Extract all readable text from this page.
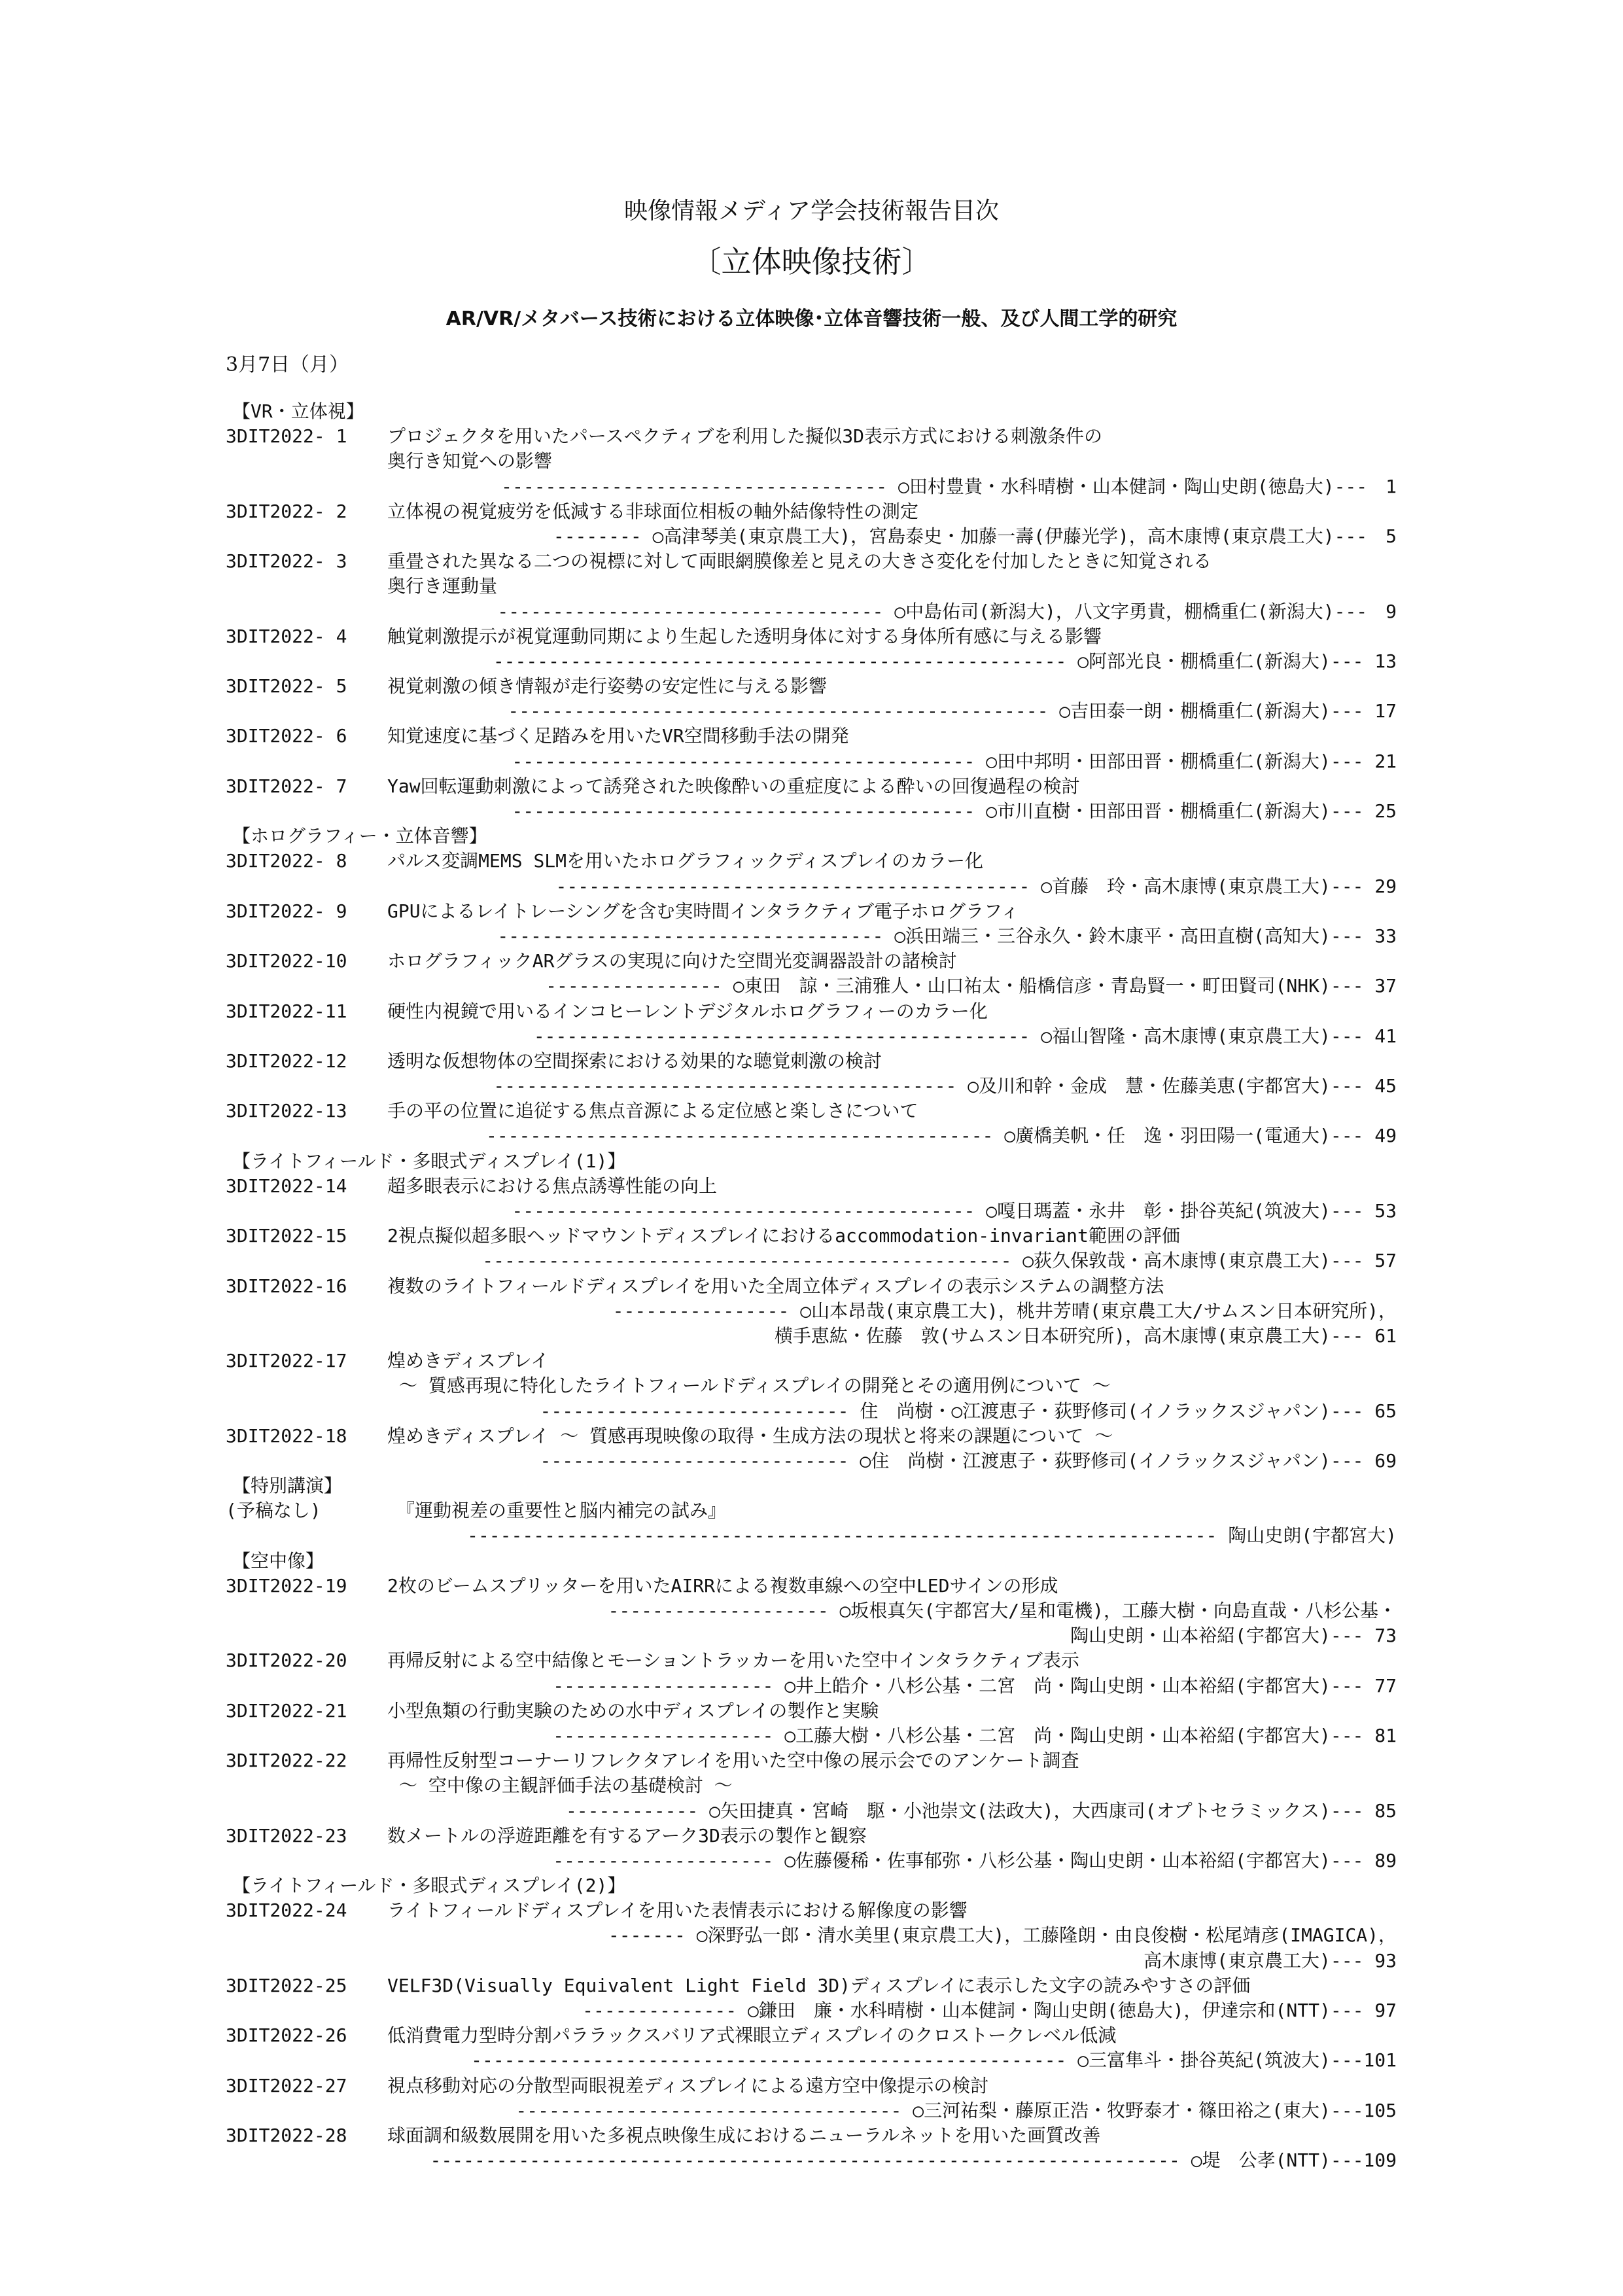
映像情報メディア学会技術報告目次
〔立体映像技術〕
AR/VR/メタバース技術における立体映像･立体音響技術一般、及び人間工学的研究
3月7日（月）
【VR・立体視】
3DIT2022- 1 プロジェクタを用いたパースペクティブを利用した擬似3D表示方式における刺激条件の
奥行き知覚への影響
----------------------------------- ○田村豊貴・水科晴樹・山本健詞・陶山史朗(徳島大)---　1
3DIT2022- 2 立体視の視覚疲労を低減する非球面位相板の軸外結像特性の測定
-------- ○高津琴美(東京農工大)，宮島泰史・加藤一壽(伊藤光学)，高木康博(東京農工大)---　5
3DIT2022- 3 重畳された異なる二つの視標に対して両眼網膜像差と見えの大きさ変化を付加したときに知覚される
奥行き運動量
----------------------------------- ○中島佑司(新潟大)，八文字勇貴，棚橋重仁(新潟大)---　9
3DIT2022- 4 触覚刺激提示が視覚運動同期により生起した透明身体に対する身体所有感に与える影響
---------------------------------------------------- ○阿部光良・棚橋重仁(新潟大)--- 13
3DIT2022- 5 視覚刺激の傾き情報が走行姿勢の安定性に与える影響
------------------------------------------------- ○吉田泰一朗・棚橋重仁(新潟大)--- 17
3DIT2022- 6 知覚速度に基づく足踏みを用いたVR空間移動手法の開発
------------------------------------------ ○田中邦明・田部田晋・棚橋重仁(新潟大)--- 21
3DIT2022- 7 Yaw回転運動刺激によって誘発された映像酔いの重症度による酔いの回復過程の検討
------------------------------------------ ○市川直樹・田部田晋・棚橋重仁(新潟大)--- 25
【ホログラフィー・立体音響】
3DIT2022- 8 パルス変調MEMS SLMを用いたホログラフィックディスプレイのカラー化
------------------------------------------- ○首藤　玲・高木康博(東京農工大)--- 29
3DIT2022- 9 GPUによるレイトレーシングを含む実時間インタラクティブ電子ホログラフィ
----------------------------------- ○浜田端三・三谷永久・鈴木康平・高田直樹(高知大)--- 33
3DIT2022-10 ホログラフィックARグラスの実現に向けた空間光変調器設計の諸検討
---------------- ○東田　諒・三浦雅人・山口祐太・船橋信彦・青島賢一・町田賢司(NHK)--- 37
3DIT2022-11 硬性内視鏡で用いるインコヒーレントデジタルホログラフィーのカラー化
--------------------------------------------- ○福山智隆・高木康博(東京農工大)--- 41
3DIT2022-12 透明な仮想物体の空間探索における効果的な聴覚刺激の検討
------------------------------------------ ○及川和幹・金成　慧・佐藤美恵(宇都宮大)--- 45
3DIT2022-13 手の平の位置に追従する焦点音源による定位感と楽しさについて
---------------------------------------------- ○廣橋美帆・任　逸・羽田陽一(電通大)--- 49
【ライトフィールド・多眼式ディスプレイ(1)】
3DIT2022-14 超多眼表示における焦点誘導性能の向上
------------------------------------------ ○嘎日瑪蓋・永井　彰・掛谷英紀(筑波大)--- 53
3DIT2022-15 2視点擬似超多眼ヘッドマウントディスプレイにおけるaccommodation-invariant範囲の評価
------------------------------------------------ ○荻久保敦哉・高木康博(東京農工大)--- 57
3DIT2022-16 複数のライトフィールドディスプレイを用いた全周立体ディスプレイの表示システムの調整方法
---------------- ○山本昂哉(東京農工大)，桃井芳晴(東京農工大/サムスン日本研究所)，
横手恵紘・佐藤　敦(サムスン日本研究所)，高木康博(東京農工大)--- 61
3DIT2022-17 煌めきディスプレイ
～ 質感再現に特化したライトフィールドディスプレイの開発とその適用例について ～
---------------------------- 住　尚樹・○江渡恵子・荻野修司(イノラックスジャパン)--- 65
3DIT2022-18 煌めきディスプレイ ～ 質感再現映像の取得・生成方法の現状と将来の課題について ～
---------------------------- ○住　尚樹・江渡恵子・荻野修司(イノラックスジャパン)--- 69
【特別講演】
(予稿なし)	　『運動視差の重要性と脳内補完の試み』
-------------------------------------------------------------------- 陶山史朗(宇都宮大)　 　
【空中像】
3DIT2022-19 2枚のビームスプリッターを用いたAIRRによる複数車線への空中LEDサインの形成
-------------------- ○坂根真矢(宇都宮大/星和電機)，工藤大樹・向島直哉・八杉公基・
陶山史朗・山本裕紹(宇都宮大)--- 73
3DIT2022-20 再帰反射による空中結像とモーショントラッカーを用いた空中インタラクティブ表示
-------------------- ○井上皓介・八杉公基・二宮　尚・陶山史朗・山本裕紹(宇都宮大)--- 77
3DIT2022-21 小型魚類の行動実験のための水中ディスプレイの製作と実験
-------------------- ○工藤大樹・八杉公基・二宮　尚・陶山史朗・山本裕紹(宇都宮大)--- 81
3DIT2022-22 再帰性反射型コーナーリフレクタアレイを用いた空中像の展示会でのアンケート調査
～ 空中像の主観評価手法の基礎検討 ～
------------ ○矢田捷真・宮崎　駆・小池崇文(法政大)，大西康司(オプトセラミックス)--- 85
3DIT2022-23 数メートルの浮遊距離を有するアーク3D表示の製作と観察
-------------------- ○佐藤優稀・佐事郁弥・八杉公基・陶山史朗・山本裕紹(宇都宮大)--- 89
【ライトフィールド・多眼式ディスプレイ(2)】
3DIT2022-24 ライトフィールドディスプレイを用いた表情表示における解像度の影響
------- ○深野弘一郎・清水美里(東京農工大)，工藤隆朗・由良俊樹・松尾靖彦(IMAGICA)，
高木康博(東京農工大)--- 93
3DIT2022-25 VELF3D(Visually Equivalent Light Field 3D)ディスプレイに表示した文字の読みやすさの評価
-------------- ○鎌田　廉・水科晴樹・山本健詞・陶山史朗(徳島大)，伊達宗和(NTT)--- 97
3DIT2022-26 低消費電力型時分割パララックスバリア式裸眼立ディスプレイのクロストークレベル低減
------------------------------------------------------ ○三富隼斗・掛谷英紀(筑波大)---101
3DIT2022-27 視点移動対応の分散型両眼視差ディスプレイによる遠方空中像提示の検討
----------------------------------- ○三河祐梨・藤原正浩・牧野泰才・篠田裕之(東大)---105
3DIT2022-28 球面調和級数展開を用いた多視点映像生成におけるニューラルネットを用いた画質改善
-------------------------------------------------------------------- ○堤　公孝(NTT)---109
